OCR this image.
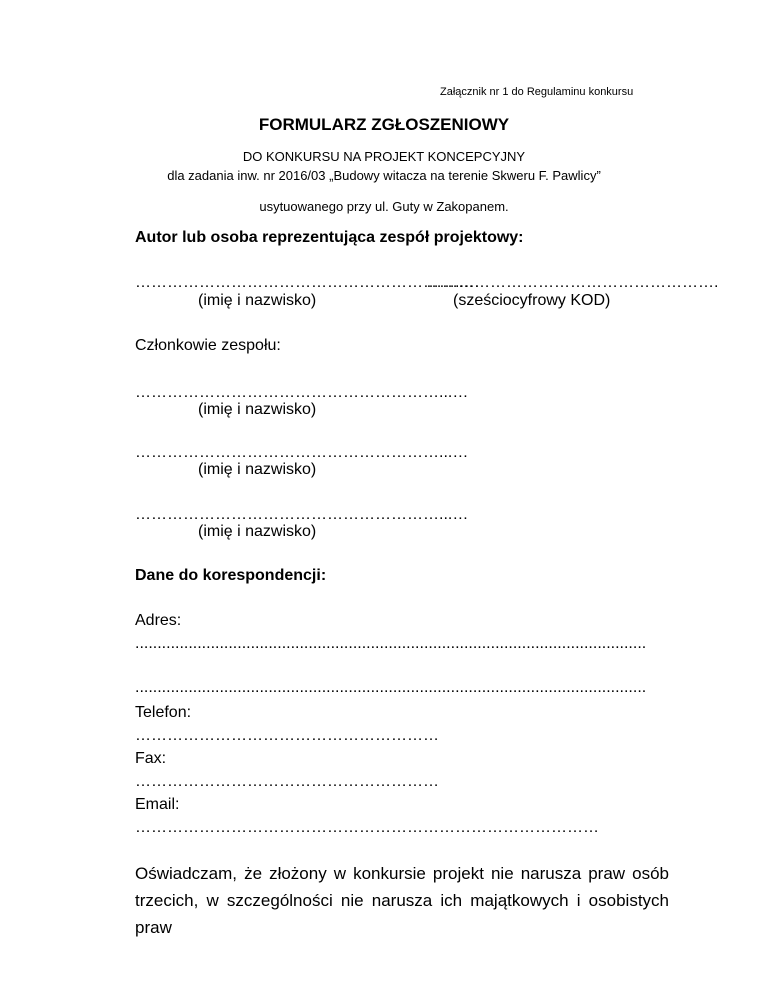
Załącznik nr 1 do Regulaminu konkursu
FORMULARZ ZGŁOSZENIOWY
DO KONKURSU NA PROJEKT KONCEPCYJNY
dla zadania inw. nr 2016/03 „Budowy witacza na terenie Skweru F. Pawlicy”
usytuowanego przy ul. Guty w Zakopanem.
Autor lub osoba reprezentująca zespół projektowy:
……………………………………………………..…
(imię i nazwisko)
……………………………………………….
(sześciocyfrowy KOD)
Członkowie zespołu:
…………………………………………………...…
(imię i nazwisko)
…………………………………………………...…
(imię i nazwisko)
…………………………………………………...…
(imię i nazwisko)
Dane do korespondencji:
Adres:
...................................................................................................................
...................................................................................................................
Telefon:
…………………………………………………
Fax:
…………………………………………………
Email:
……………………………………………………………………………
Oświadczam, że złożony w konkursie projekt nie narusza praw osób trzecich, w szczególności nie narusza ich majątkowych i osobistych praw
